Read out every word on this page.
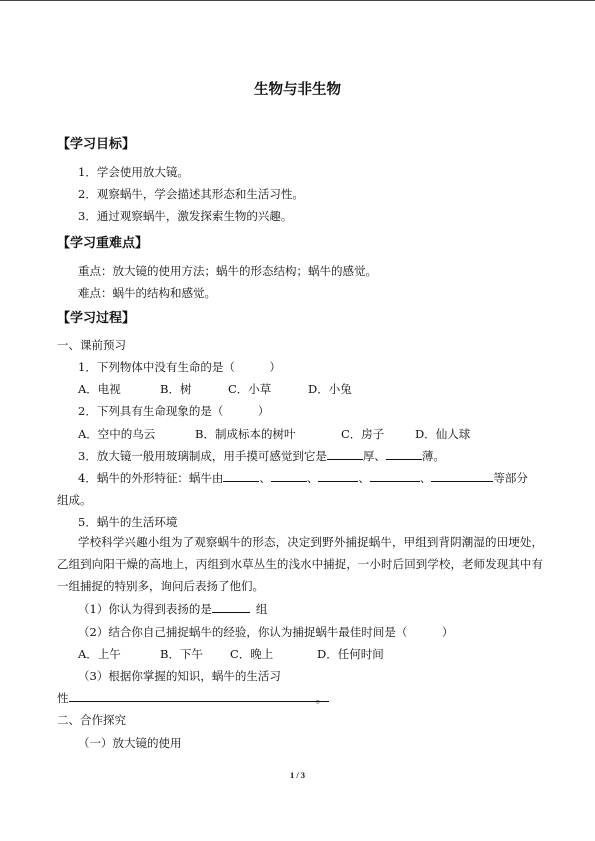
生物与非生物
【学习目标】
1．学会使用放大镜。
2．观察蜗牛，学会描述其形态和生活习性。
3．通过观察蜗牛，激发探索生物的兴趣。
【学习重难点】
重点：放大镜的使用方法；蜗牛的形态结构；蜗牛的感觉。
难点：蜗牛的结构和感觉。
【学习过程】
一、课前预习
1．下列物体中没有生命的是（　　　）
A．电视	B．树	C．小草	D．小兔
2．下列具有生命现象的是（　　　）
A．空中的乌云	B．制成标本的树叶	C．房子	D．仙人球
3．放大镜一般用玻璃制成，用手摸可感觉到它是	厚、	薄。
4．蜗牛的外形特征：蜗牛由	、	、	、	、	等部分
组成。
5．蜗牛的生活环境
学校科学兴趣小组为了观察蜗牛的形态，决定到野外捕捉蜗牛，甲组到背阴潮湿的田埂处，乙组到向阳干燥的高地上，丙组到水草丛生的浅水中捕捉，一小时后回到学校，老师发现其中有一组捕捉的特别多，询问后表扬了他们。
（1）你认为得到表扬的是	组
（2）结合你自己捕捉蜗牛的经验，你认为捕捉蜗牛最佳时间是（　　　）
A．上午	B．下午 C．晚上	D．任何时间
（3）根据你掌握的知识，蜗牛的生活习
性	。
二、合作探究
（一）放大镜的使用
1 / 3
